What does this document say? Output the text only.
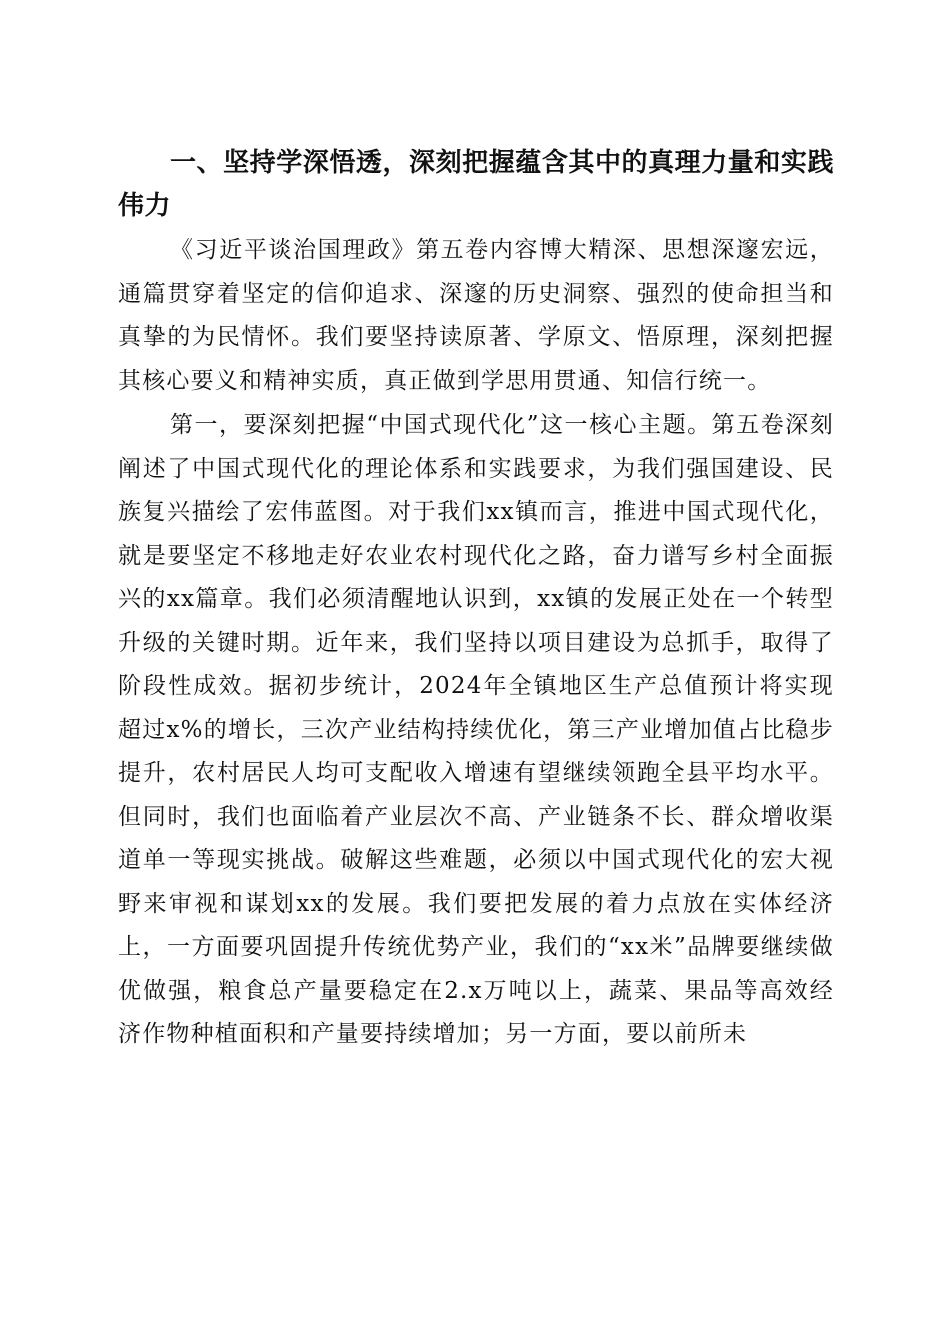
一、坚持学深悟透，深刻把握蕴含其中的真理力量和实践伟力

《习近平谈治国理政》第五卷内容博大精深、思想深邃宏远，通篇贯穿着坚定的信仰追求、深邃的历史洞察、强烈的使命担当和真挚的为民情怀。我们要坚持读原著、学原文、悟原理，深刻把握其核心要义和精神实质，真正做到学思用贯通、知信行统一。

第一，要深刻把握“中国式现代化”这一核心主题。第五卷深刻阐述了中国式现代化的理论体系和实践要求，为我们强国建设、民族复兴描绘了宏伟蓝图。对于我们xx镇而言，推进中国式现代化，就是要坚定不移地走好农业农村现代化之路，奋力谱写乡村全面振兴的xx篇章。我们必须清醒地认识到，xx镇的发展正处在一个转型升级的关键时期。近年来，我们坚持以项目建设为总抓手，取得了阶段性成效。据初步统计，2024年全镇地区生产总值预计将实现超过x%的增长，三次产业结构持续优化，第三产业增加值占比稳步提升，农村居民人均可支配收入增速有望继续领跑全县平均水平。但同时，我们也面临着产业层次不高、产业链条不长、群众增收渠道单一等现实挑战。破解这些难题，必须以中国式现代化的宏大视野来审视和谋划xx的发展。我们要把发展的着力点放在实体经济上，一方面要巩固提升传统优势产业，我们的“xx米”品牌要继续做优做强，粮食总产量要稳定在2.x万吨以上，蔬菜、果品等高效经济作物种植面积和产量要持续增加；另一方面，要以前所未
